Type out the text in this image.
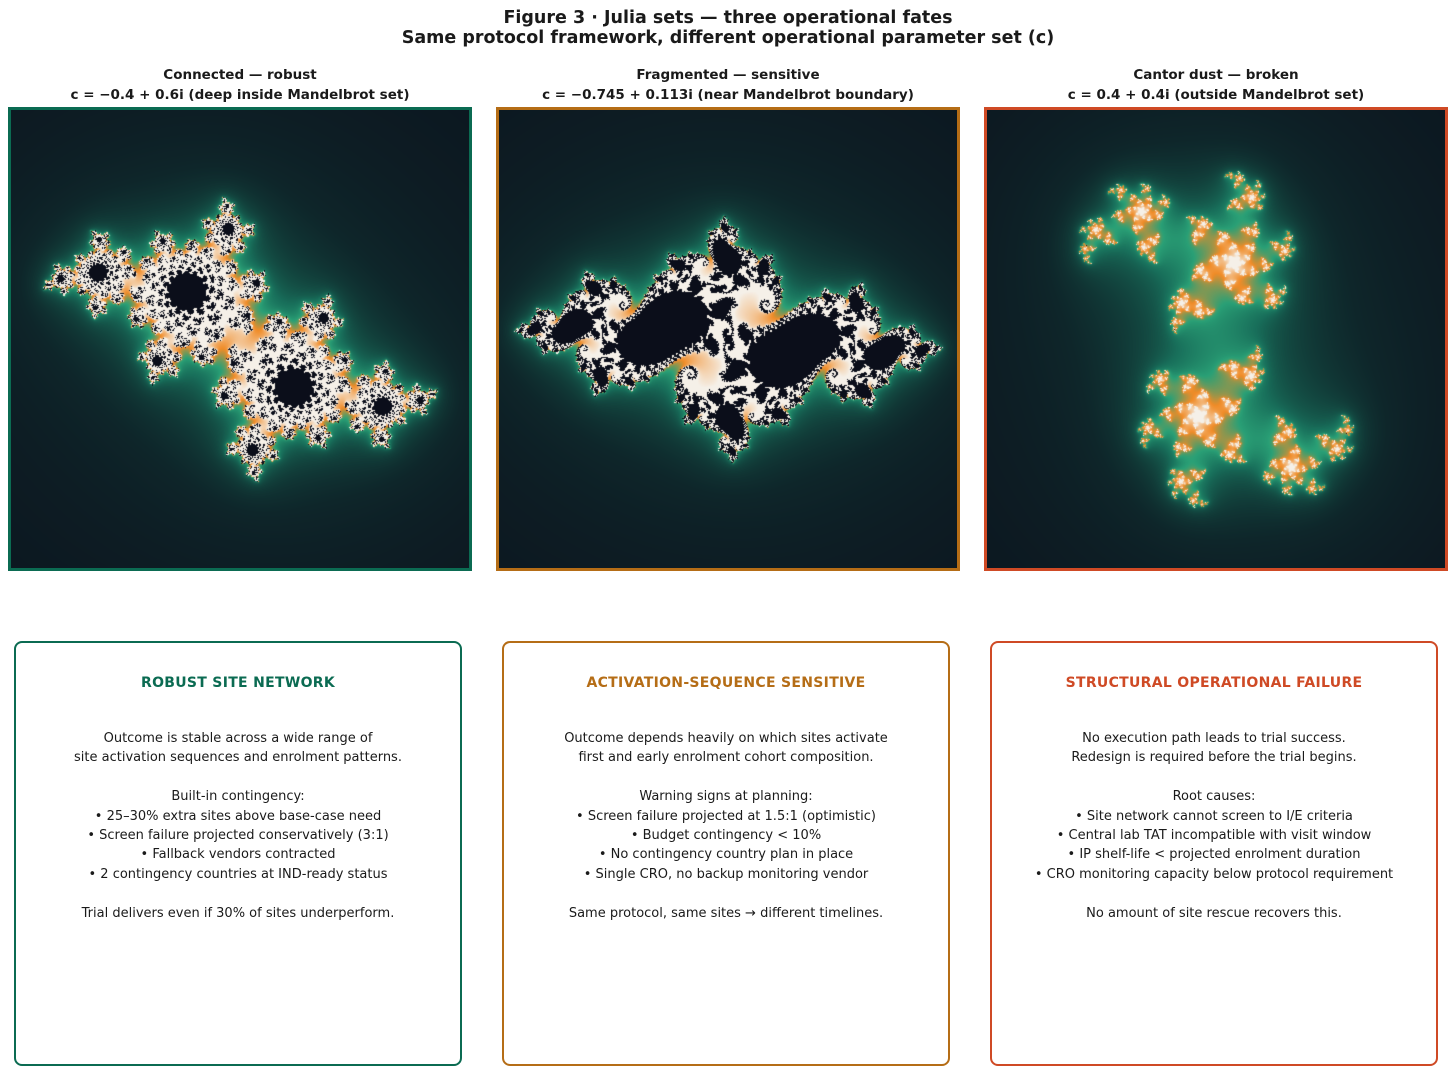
Figure 3 · Julia sets — three operational fates
Same protocol framework, different operational parameter set (c)
Connected — robust
c = −0.4 + 0.6i (deep inside Mandelbrot set)
Fragmented — sensitive
c = −0.745 + 0.113i (near Mandelbrot boundary)
Cantor dust — broken
c = 0.4 + 0.4i (outside Mandelbrot set)
ROBUST SITE NETWORK

Outcome is stable across a wide range of

site activation sequences and enrolment patterns.

Built-in contingency:

• 25–30% extra sites above base-case need

• Screen failure projected conservatively (3:1)

• Fallback vendors contracted

• 2 contingency countries at IND-ready status

Trial delivers even if 30% of sites underperform.

ACTIVATION-SEQUENCE SENSITIVE

Outcome depends heavily on which sites activate

first and early enrolment cohort composition.

Warning signs at planning:

• Screen failure projected at 1.5:1 (optimistic)

• Budget contingency < 10%

• No contingency country plan in place

• Single CRO, no backup monitoring vendor

Same protocol, same sites → different timelines.

STRUCTURAL OPERATIONAL FAILURE

No execution path leads to trial success.

Redesign is required before the trial begins.

Root causes:

• Site network cannot screen to I/E criteria

• Central lab TAT incompatible with visit window

• IP shelf-life < projected enrolment duration

• CRO monitoring capacity below protocol requirement

No amount of site rescue recovers this.
